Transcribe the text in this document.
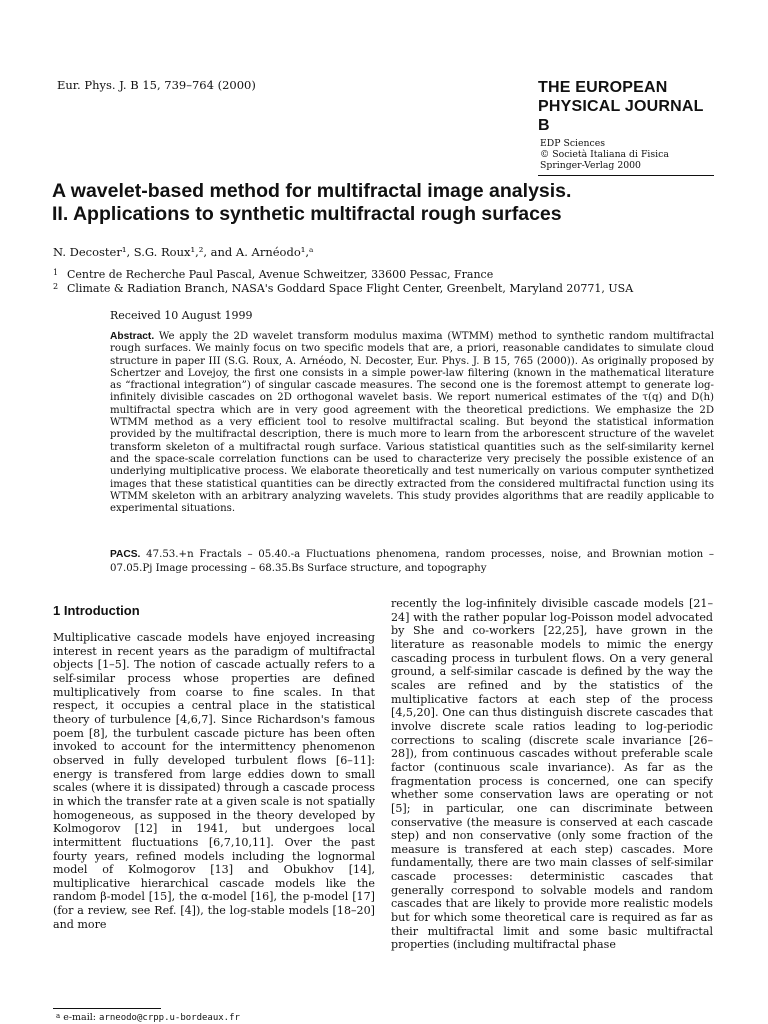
Eur. Phys. J. B 15, 739–764 (2000)	THE EUROPEAN
PHYSICAL JOURNAL B
EDP Sciences
© Società Italiana di Fisica
Springer-Verlag 2000
A wavelet-based method for multifractal image analysis.
II. Applications to synthetic multifractal rough surfaces
N. Decoster¹, S.G. Roux¹,², and A. Arnéodo¹,ᵃ
1 Centre de Recherche Paul Pascal, Avenue Schweitzer, 33600 Pessac, France
2 Climate & Radiation Branch, NASA's Goddard Space Flight Center, Greenbelt, Maryland 20771, USA
Received 10 August 1999
Abstract. We apply the 2D wavelet transform modulus maxima (WTMM) method to synthetic random multifractal rough surfaces. We mainly focus on two specific models that are, a priori, reasonable candidates to simulate cloud structure in paper III (S.G. Roux, A. Arnéodo, N. Decoster, Eur. Phys. J. B 15, 765 (2000)). As originally proposed by Schertzer and Lovejoy, the first one consists in a simple power-law filtering (known in the mathematical literature as “fractional integration”) of singular cascade measures. The second one is the foremost attempt to generate log-infinitely divisible cascades on 2D orthogonal wavelet basis. We report numerical estimates of the τ(q) and D(h) multifractal spectra which are in very good agreement with the theoretical predictions. We emphasize the 2D WTMM method as a very efficient tool to resolve multifractal scaling. But beyond the statistical information provided by the multifractal description, there is much more to learn from the arborescent structure of the wavelet transform skeleton of a multifractal rough surface. Various statistical quantities such as the self-similarity kernel and the space-scale correlation functions can be used to characterize very precisely the possible existence of an underlying multiplicative process. We elaborate theoretically and test numerically on various computer synthetized images that these statistical quantities can be directly extracted from the considered multifractal function using its WTMM skeleton with an arbitrary analyzing wavelets. This study provides algorithms that are readily applicable to experimental situations.
PACS. 47.53.+n Fractals – 05.40.-a Fluctuations phenomena, random processes, noise, and Brownian motion – 07.05.Pj Image processing – 68.35.Bs Surface structure, and topography
1 Introduction
Multiplicative cascade models have enjoyed increasing interest in recent years as the paradigm of multifractal objects [1–5]. The notion of cascade actually refers to a self-similar process whose properties are defined multiplicatively from coarse to fine scales. In that respect, it occupies a central place in the statistical theory of turbulence [4,6,7]. Since Richardson's famous poem [8], the turbulent cascade picture has been often invoked to account for the intermittency phenomenon observed in fully developed turbulent flows [6–11]: energy is transfered from large eddies down to small scales (where it is dissipated) through a cascade process in which the transfer rate at a given scale is not spatially homogeneous, as supposed in the theory developed by Kolmogorov [12] in 1941, but undergoes local intermittent fluctuations [6,7,10,11]. Over the past fourty years, refined models including the lognormal model of Kolmogorov [13] and Obukhov [14], multiplicative hierarchical cascade models like the random β-model [15], the α-model [16], the p-model [17] (for a review, see Ref. [4]), the log-stable models [18–20] and more
recently the log-infinitely divisible cascade models [21–24] with the rather popular log-Poisson model advocated by She and co-workers [22,25], have grown in the literature as reasonable models to mimic the energy cascading process in turbulent flows. On a very general ground, a self-similar cascade is defined by the way the scales are refined and by the statistics of the multiplicative factors at each step of the process [4,5,20]. One can thus distinguish discrete cascades that involve discrete scale ratios leading to log-periodic corrections to scaling (discrete scale invariance [26–28]), from continuous cascades without preferable scale factor (continuous scale invariance). As far as the fragmentation process is concerned, one can specify whether some conservation laws are operating or not [5]; in particular, one can discriminate between conservative (the measure is conserved at each cascade step) and non conservative (only some fraction of the measure is transfered at each step) cascades. More fundamentally, there are two main classes of self-similar cascade processes: deterministic cascades that generally correspond to solvable models and random cascades that are likely to provide more realistic models but for which some theoretical care is required as far as their multifractal limit and some basic multifractal properties (including multifractal phase
$^a$ e-mail: arneodo@crpp.u-bordeaux.fr
